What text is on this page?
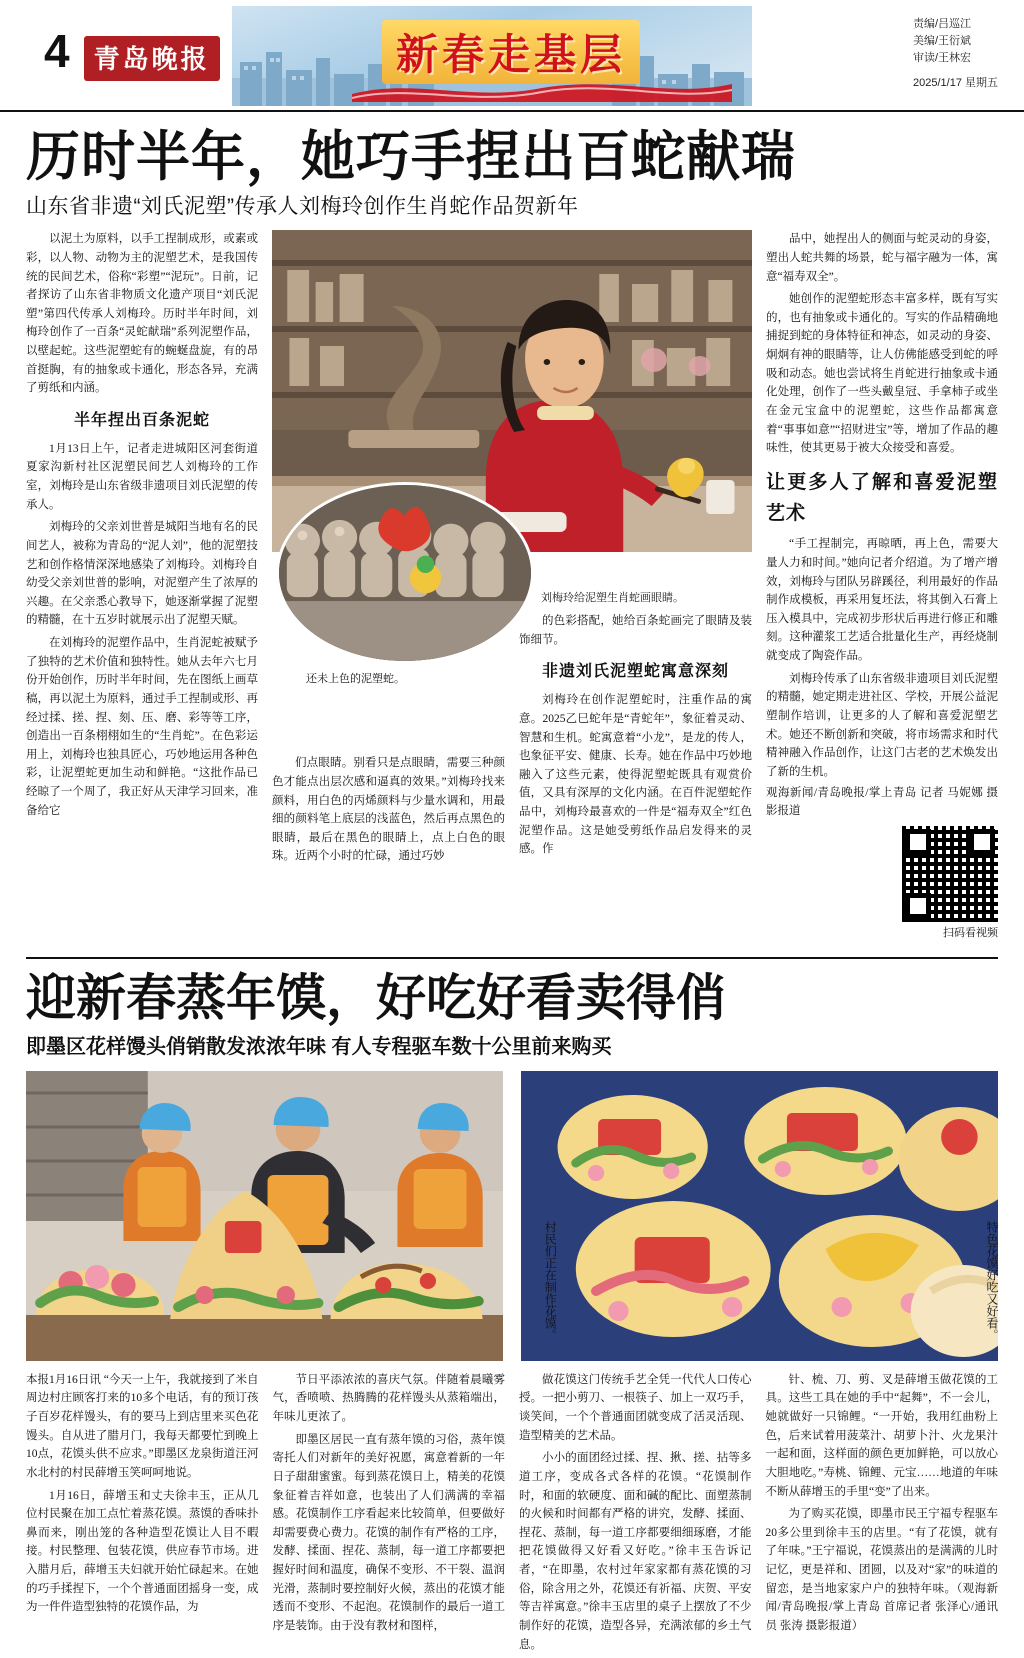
4 青岛晚报	新春走基层
责编/吕巡江
美编/王衍斌
审读/王林宏
2025/1/17 星期五
历时半年，她巧手捏出百蛇献瑞
山东省非遗“刘氏泥塑”传承人刘梅玲创作生肖蛇作品贺新年

以泥土为原料，以手工捏制成形，或素或彩，以人物、动物为主的泥塑艺术，是我国传统的民间艺术，俗称“彩塑”“泥玩”。日前，记者探访了山东省非物质文化遗产项目“刘氏泥塑”第四代传承人刘梅玲。历时半年时间，刘梅玲创作了一百条“灵蛇献瑞”系列泥塑作品，以壁起蛇。这些泥塑蛇有的蜿蜒盘旋，有的昂首挺胸，有的抽象或卡通化，形态各异，充满了剪纸和内涵。

半年捏出百条泥蛇

1月13日上午，记者走进城阳区河套街道夏家沟新村社区泥塑民间艺人刘梅玲的工作室，刘梅玲是山东省级非遗项目刘氏泥塑的传承人。

刘梅玲的父亲刘世普是城阳当地有名的民间艺人，被称为青岛的“泥人刘”，他的泥塑技艺和创作格情深深地感染了刘梅玲。刘梅玲自幼受父亲刘世普的影响，对泥塑产生了浓厚的兴趣。在父亲悉心教导下，她逐渐掌握了泥塑的精髓，在十五岁时就展示出了泥塑天赋。

在刘梅玲的泥塑作品中，生肖泥蛇被赋予了独特的艺术价值和独特性。她从去年六七月份开始创作，历时半年时间，先在图纸上画草稿，再以泥土为原料，通过手工捏制或形、再经过揉、搓、捏、刻、压、磨、彩等等工序，创造出一百条栩栩如生的“生肖蛇”。在色彩运用上，刘梅玲也独具匠心，巧妙地运用各种色彩，让泥塑蛇更加生动和鲜艳。“这批作品已经晾了一个周了，我正好从天津学习回来，准备给它

还未上色的泥塑蛇。

们点眼睛。别看只是点眼睛，需要三种颜色才能点出层次感和逼真的效果。”刘梅玲找来颜料，用白色的丙烯颜料与少量水调和，用最细的颜料笔上底层的浅蓝色，然后再点黑色的眼睛，最后在黑色的眼睛上，点上白色的眼珠。近两个小时的忙碌，通过巧妙

刘梅玲给泥塑生肖蛇画眼睛。

的色彩搭配，她给百条蛇画完了眼睛及装饰细节。

非遗刘氏泥塑蛇寓意深刻

刘梅玲在创作泥塑蛇时，注重作品的寓意。2025乙巳蛇年是“青蛇年”，象征着灵动、智慧和生机。蛇寓意着“小龙”，是龙的传人，也象征平安、健康、长寿。她在作品中巧妙地融入了这些元素，使得泥塑蛇既具有观赏价值，又具有深厚的文化内涵。在百件泥塑蛇作品中，刘梅玲最喜欢的一件是“福寿双全”红色泥塑作品。这是她受剪纸作品启发得来的灵感。作

品中，她捏出人的侧面与蛇灵动的身姿，塑出人蛇共舞的场景，蛇与福字融为一体，寓意“福寿双全”。

她创作的泥塑蛇形态丰富多样，既有写实的，也有抽象或卡通化的。写实的作品精确地捕捉到蛇的身体特征和神态，如灵动的身姿、炯炯有神的眼睛等，让人仿佛能感受到蛇的呼吸和动态。她也尝试将生肖蛇进行抽象或卡通化处理，创作了一些头戴皇冠、手拿柿子或坐在金元宝盒中的泥塑蛇，这些作品都寓意着“事事如意”“招财进宝”等，增加了作品的趣味性，使其更易于被大众接受和喜爱。

让更多人了解和喜爱泥塑艺术

“手工捏制完，再晾晒，再上色，需要大量人力和时间。”她向记者介绍道。为了增产增效，刘梅玲与团队另辟蹊径，利用最好的作品制作成模板，再采用复坯法，将其倒入石膏上压入模具中，完成初步形状后再进行修正和雕刻。这种灌浆工艺适合批量化生产，再经烧制就变成了陶瓷作品。

刘梅玲传承了山东省级非遗项目刘氏泥塑的精髓，她定期走进社区、学校，开展公益泥塑制作培训，让更多的人了解和喜爱泥塑艺术。她还不断创新和突破，将市场需求和时代精神融入作品创作，让这门古老的艺术焕发出了新的生机。

观海新闻/青岛晚报/掌上青岛 记者 马妮娜 摄影报道

扫码看视频
迎新春蒸年馍，好吃好看卖得俏
即墨区花样馒头俏销散发浓浓年味 有人专程驱车数十公里前来购买
村民们正在制作花馍。	特色花馍好吃又好看。

本报1月16日讯 “今天一上午，我就接到了米自周边村庄顾客打来的10多个电话，有的预订孩子百岁花样馒头，有的要马上到店里来买色花馒头。自从进了腊月门，我每天都要忙到晚上10点，花馍头供不应求。”即墨区龙泉街道汪河水北村的村民薛增玉笑呵呵地说。

1月16日，薛增玉和丈夫徐丰玉，正从几位村民聚在加工点忙着蒸花馍。蒸馍的香味扑鼻而来，刚出笼的各种造型花馍让人目不暇接。村民整理、包装花馍，供应春节市场。进入腊月后，薛增玉夫妇就开始忙碌起来。在她的巧手揉捏下，一个个普通面团摇身一变，成为一件件造型独特的花馍作品，为

节日平添浓浓的喜庆气氛。伴随着晨曦雾气，香喷喷、热腾腾的花样馒头从蒸箱端出，年味儿更浓了。

即墨区居民一直有蒸年馍的习俗，蒸年馍寄托人们对新年的美好祝愿，寓意着新的一年日子甜甜蜜蜜。每到蒸花馍日上，精美的花馍象征着吉祥如意，也装出了人们满满的幸福感。花馍制作工序看起来比较简单，但要做好却需要费心费力。花馍的制作有严格的工序，发酵、揉面、捏花、蒸制，每一道工序都要把握好时间和温度，确保不变形、不干裂、温润光滑，蒸制时要控制好火候，蒸出的花馍才能透而不变形、不起泡。花馍制作的最后一道工序是装饰。由于没有教材和图样，

做花馍这门传统手艺全凭一代代人口传心授。一把小剪刀、一根筷子、加上一双巧手，谈笑间，一个个普通面团就变成了活灵活现、造型精美的艺术品。

小小的面团经过揉、捏、揪、搓、拈等多道工序，变成各式各样的花馍。“花馍制作时，和面的软硬度、面和碱的配比、面塑蒸制的火候和时间都有严格的讲究，发酵、揉面、捏花、蒸制，每一道工序都要细细琢磨，才能把花馍做得又好看又好吃。”徐丰玉告诉记者，“在即墨，农村过年家家都有蒸花馍的习俗，除含用之外，花馍还有祈福、庆贺、平安等吉祥寓意。”徐丰玉店里的桌子上摆放了不少制作好的花馍，造型各异，充满浓郁的乡土气息。

针、梳、刀、剪、叉是薛增玉做花馍的工具。这些工具在她的手中“起舞”，不一会儿，她就做好一只锦鲤。“一开始，我用红曲粉上色，后来试着用菠菜汁、胡萝卜汁、火龙果汁一起和面，这样面的颜色更加鲜艳，可以放心大胆地吃。”寿桃、锦鲤、元宝……地道的年味不断从薛增玉的手里“变”了出来。

为了购买花馍，即墨市民王宁福专程驱车20多公里到徐丰玉的店里。“有了花馍，就有了年味。”王宁福说，花馍蒸出的是满满的儿时记忆，更是祥和、团圆，以及对“家”的味道的留恋，是当地家家户户的独特年味。（观海新闻/青岛晚报/掌上青岛 首席记者 张泽心/通讯员 张涛 摄影报道）
